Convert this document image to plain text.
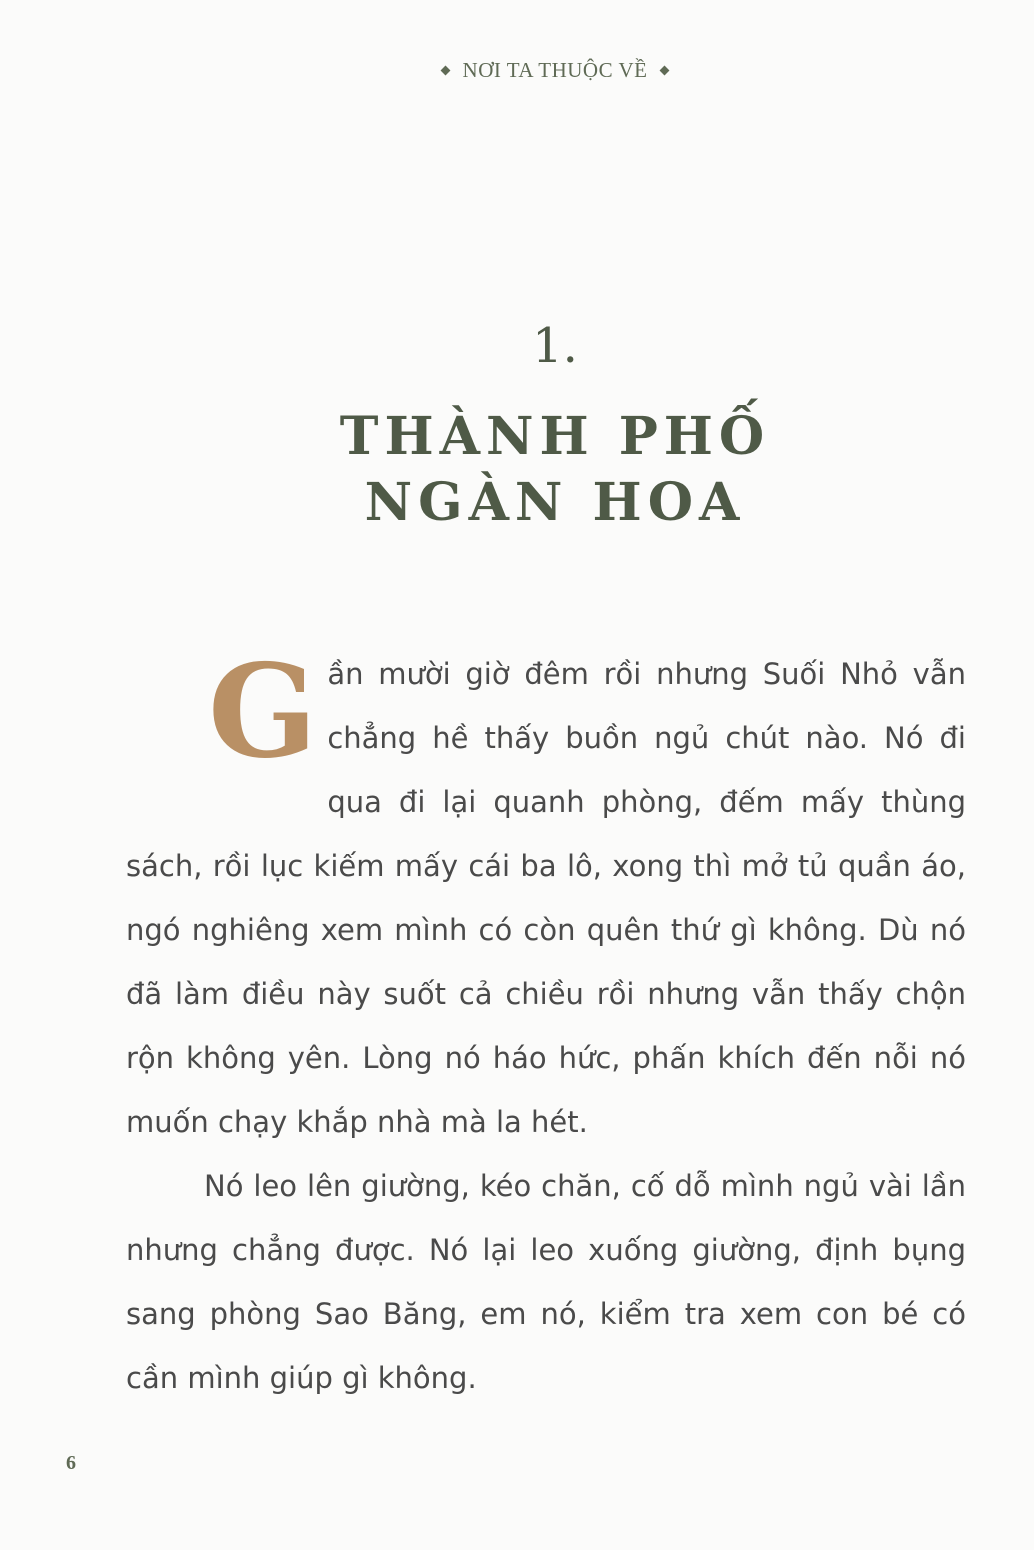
NƠI TA THUỘC VỀ
1.
THÀNH PHỐ
NGÀN HOA

Gần mười giờ đêm rồi nhưng Suối Nhỏ vẫn chẳng hề thấy buồn ngủ chút nào. Nó đi qua đi lại quanh phòng, đếm mấy thùng sách, rồi lục kiếm mấy cái ba lô, xong thì mở tủ quần áo, ngó nghiêng xem mình có còn quên thứ gì không. Dù nó đã làm điều này suốt cả chiều rồi nhưng vẫn thấy chộn rộn không yên. Lòng nó háo hức, phấn khích đến nỗi nó muốn chạy khắp nhà mà la hét.

Nó leo lên giường, kéo chăn, cố dỗ mình ngủ vài lần nhưng chẳng được. Nó lại leo xuống giường, định bụng sang phòng Sao Băng, em nó, kiểm tra xem con bé có cần mình giúp gì không.

6
